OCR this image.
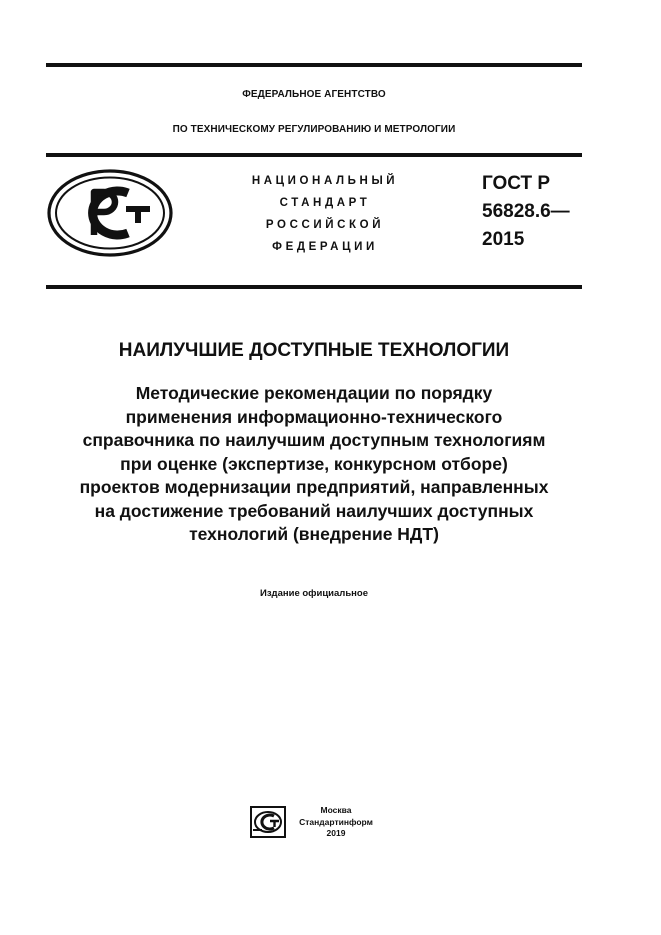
ФЕДЕРАЛЬНОЕ АГЕНТСТВО
ПО ТЕХНИЧЕСКОМУ РЕГУЛИРОВАНИЮ И МЕТРОЛОГИИ
НАЦИОНАЛЬНЫЙ
СТАНДАРТ
РОССИЙСКОЙ
ФЕДЕРАЦИИ
ГОСТ Р
56828.6—
2015
НАИЛУЧШИЕ ДОСТУПНЫЕ ТЕХНОЛОГИИ
Методические рекомендации по порядку
применения информационно-технического
справочника по наилучшим доступным технологиям
при оценке (экспертизе, конкурсном отборе)
проектов модернизации предприятий, направленных
на достижение требований наилучших доступных
технологий (внедрение НДТ)
Издание официальное
Москва
Стандартинформ
2019
